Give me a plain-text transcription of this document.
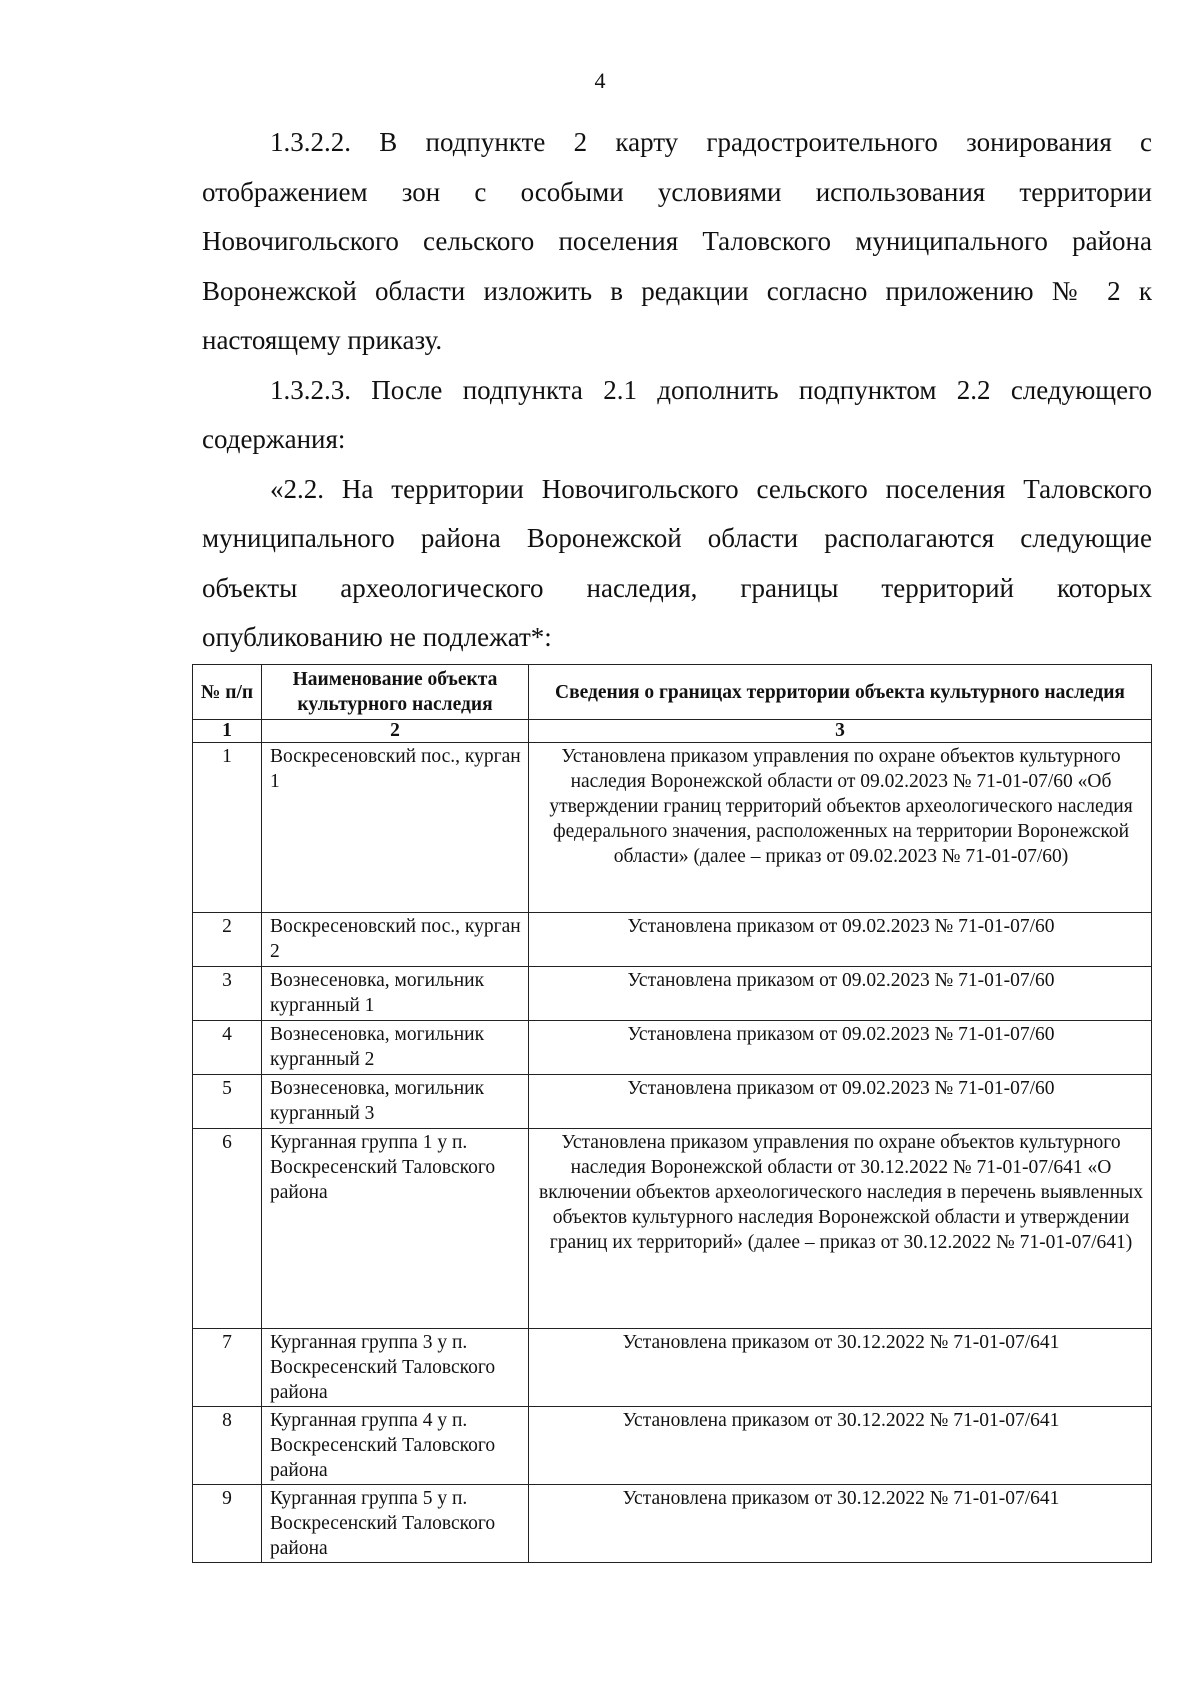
4

1.3.2.2. В подпункте 2 карту градостроительного зонирования с отображением зон с особыми условиями использования территории Новочигольского сельского поселения Таловского муниципального района Воронежской области изложить в редакции согласно приложению № 2 к настоящему приказу.

1.3.2.3. После подпункта 2.1 дополнить подпунктом 2.2 следующего содержания:

«2.2. На территории Новочигольского сельского поселения Таловского муниципального района Воронежской области располагаются следующие объекты археологического наследия, границы территорий которых опубликованию не подлежат*:

№ п/п	Наименование объекта культурного наследия	Сведения о границах территории объекта культурного наследия
1	2	3
1	Воскресеновский пос., курган 1	Установлена приказом управления по охране объектов культурного наследия Воронежской области от 09.02.2023 № 71-01-07/60 «Об утверждении границ территорий объектов археологического наследия федерального значения, расположенных на территории Воронежской области» (далее – приказ от 09.02.2023 № 71-01-07/60)
2	Воскресеновский пос., курган 2	Установлена приказом от 09.02.2023 № 71-01-07/60
3	Вознесеновка, могильник курганный 1	Установлена приказом от 09.02.2023 № 71-01-07/60
4	Вознесеновка, могильник курганный 2	Установлена приказом от 09.02.2023 № 71-01-07/60
5	Вознесеновка, могильник курганный 3	Установлена приказом от 09.02.2023 № 71-01-07/60
6	Курганная группа 1 у п. Воскресенский Таловского района	Установлена приказом управления по охране объектов культурного наследия Воронежской области от 30.12.2022 № 71-01-07/641 «О включении объектов археологического наследия в перечень выявленных объектов культурного наследия Воронежской области и утверждении границ их территорий» (далее – приказ от 30.12.2022 № 71-01-07/641)
7	Курганная группа 3 у п. Воскресенский Таловского района	Установлена приказом от 30.12.2022 № 71-01-07/641
8	Курганная группа 4 у п. Воскресенский Таловского района	Установлена приказом от 30.12.2022 № 71-01-07/641
9	Курганная группа 5 у п. Воскресенский Таловского района	Установлена приказом от 30.12.2022 № 71-01-07/641
